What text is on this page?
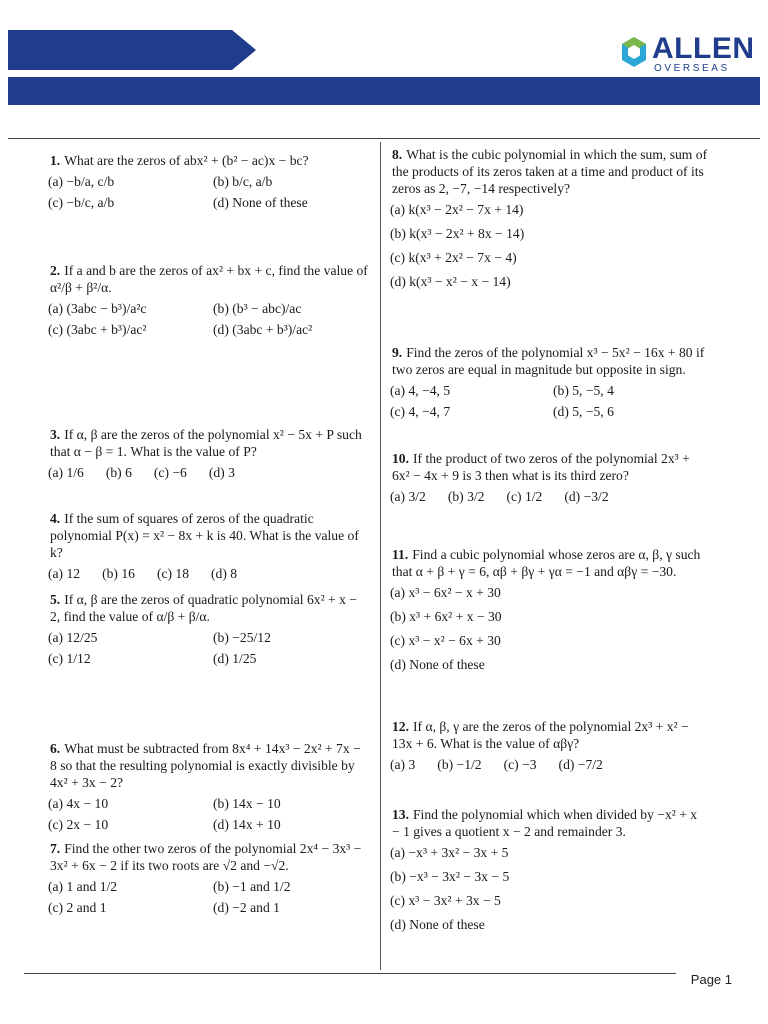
ALLEN
OVERSEAS
1. What are the zeros of abx² + (b² − ac)x − bc?
(a) −b/a, c/b	(b) b/c, a/b
(c) −b/c, a/b	(d) None of these
2. If a and b are the zeros of ax² + bx + c, find the value of α²/β + β²/α.
(a) (3abc − b³)/a²c	(b) (b³ − abc)/ac
(c) (3abc + b³)/ac²	(d) (3abc + b³)/ac²
3. If α, β are the zeros of the polynomial x² − 5x + P such that α − β = 1. What is the value of P?
(a) 1/6 (b) 6 (c) −6 (d) 3
4. If the sum of squares of zeros of the quadratic polynomial P(x) = x² − 8x + k is 40. What is the value of k?
(a) 12 (b) 16 (c) 18 (d) 8
5. If α, β are the zeros of quadratic polynomial 6x² + x − 2, find the value of α/β + β/α.
(a) 12/25	(b) −25/12
(c) 1/12	(d) 1/25
6. What must be subtracted from 8x⁴ + 14x³ − 2x² + 7x − 8 so that the resulting polynomial is exactly divisible by 4x² + 3x − 2?
(a) 4x − 10	(b) 14x − 10
(c) 2x − 10	(d) 14x + 10
7. Find the other two zeros of the polynomial 2x⁴ − 3x³ − 3x² + 6x − 2 if its two roots are √2 and −√2.
(a) 1 and 1/2	(b) −1 and 1/2
(c) 2 and 1	(d) −2 and 1
8. What is the cubic polynomial in which the sum, sum of the products of its zeros taken at a time and product of its zeros as 2, −7, −14 respectively?
(a) k(x³ − 2x² − 7x + 14)
(b) k(x³ − 2x² + 8x − 14)
(c) k(x³ + 2x² − 7x − 4)
(d) k(x³ − x² − x − 14)
9. Find the zeros of the polynomial x³ − 5x² − 16x + 80 if two zeros are equal in magnitude but opposite in sign.
(a) 4, −4, 5	(b) 5, −5, 4
(c) 4, −4, 7	(d) 5, −5, 6
10. If the product of two zeros of the polynomial 2x³ + 6x² − 4x + 9 is 3 then what is its third zero?
(a) 3/2 (b) 3/2 (c) 1/2 (d) −3/2
11. Find a cubic polynomial whose zeros are α, β, γ such that α + β + γ = 6, αβ + βγ + γα = −1 and αβγ = −30.
(a) x³ − 6x² − x + 30
(b) x³ + 6x² + x − 30
(c) x³ − x² − 6x + 30
(d) None of these
12. If α, β, γ are the zeros of the polynomial 2x³ + x² − 13x + 6. What is the value of αβγ?
(a) 3 (b) −1/2 (c) −3 (d) −7/2
13. Find the polynomial which when divided by −x² + x − 1 gives a quotient x − 2 and remainder 3.
(a) −x³ + 3x² − 3x + 5
(b) −x³ − 3x² − 3x − 5
(c) x³ − 3x² + 3x − 5
(d) None of these
Page 1
